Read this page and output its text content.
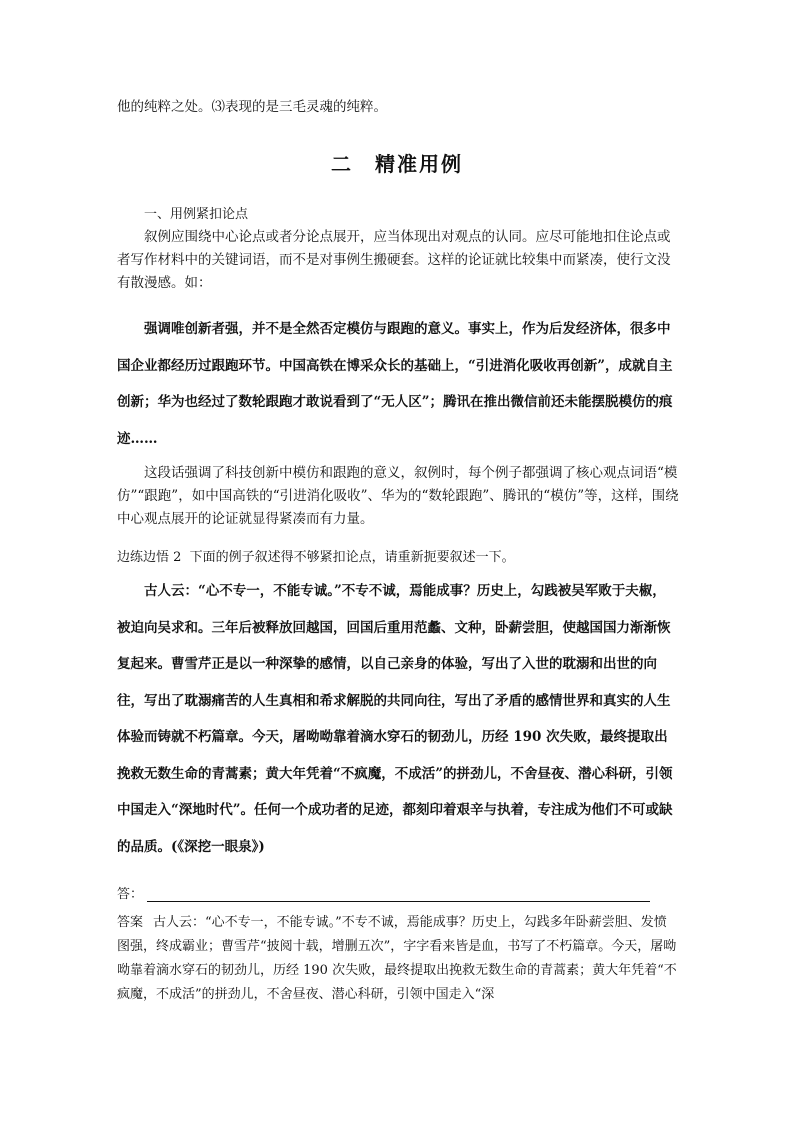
他的纯粹之处。⑶表现的是三毛灵魂的纯粹。

二　精准用例
一、用例紧扣论点

叙例应围绕中心论点或者分论点展开，应当体现出对观点的认同。应尽可能地扣住论点或者写作材料中的关键词语，而不是对事例生搬硬套。这样的论证就比较集中而紧凑，使行文没有散漫感。如：

强调唯创新者强，并不是全然否定模仿与跟跑的意义。事实上，作为后发经济体，很多中国企业都经历过跟跑环节。中国高铁在博采众长的基础上，“引进消化吸收再创新”，成就自主创新；华为也经过了数轮跟跑才敢说看到了“无人区”；腾讯在推出微信前还未能摆脱模仿的痕迹……

这段话强调了科技创新中模仿和跟跑的意义，叙例时，每个例子都强调了核心观点词语“模仿”“跟跑”，如中国高铁的“引进消化吸收”、华为的“数轮跟跑”、腾讯的“模仿”等，这样，围绕中心观点展开的论证就显得紧凑而有力量。

边练边悟 2  下面的例子叙述得不够紧扣论点，请重新扼要叙述一下。

古人云：“心不专一，不能专诚。”不专不诚，焉能成事？历史上，勾践被吴军败于夫椒，被迫向吴求和。三年后被释放回越国，回国后重用范蠡、文种，卧薪尝胆，使越国国力渐渐恢复起来。曹雪芹正是以一种深挚的感情，以自己亲身的体验，写出了入世的耽溺和出世的向往，写出了耽溺痛苦的人生真相和希求解脱的共同向往，写出了矛盾的感情世界和真实的人生体验而铸就不朽篇章。今天，屠呦呦靠着滴水穿石的韧劲儿，历经 190 次失败，最终提取出挽救无数生命的青蒿素；黄大年凭着“不疯魔，不成活”的拼劲儿，不舍昼夜、潜心科研，引领中国走入“深地时代”。任何一个成功者的足迹，都刻印着艰辛与执着，专注成为他们不可或缺的品质。(《深挖一眼泉》)

答：

答案 古人云：“心不专一，不能专诚。”不专不诚，焉能成事？历史上，勾践多年卧薪尝胆、发愤图强，终成霸业；曹雪芹“披阅十载，增删五次”，字字看来皆是血，书写了不朽篇章。今天，屠呦呦靠着滴水穿石的韧劲儿，历经 190 次失败，最终提取出挽救无数生命的青蒿素；黄大年凭着“不疯魔，不成活”的拼劲儿，不舍昼夜、潜心科研，引领中国走入“深
